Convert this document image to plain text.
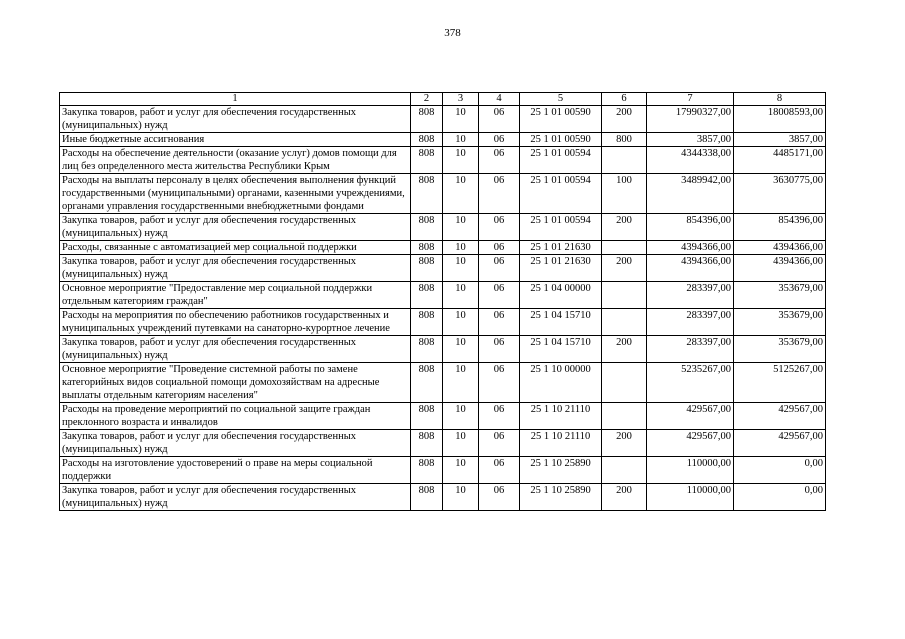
378
1	2	3	4	5	6	7	8
Закупка товаров, работ и услуг для обеспечения государственных (муниципальных) нужд	808	10	06	25 1 01 00590	200	17990327,00	18008593,00
Иные бюджетные ассигнования	808	10	06	25 1 01 00590	800	3857,00	3857,00
Расходы на обеспечение деятельности (оказание услуг) домов помощи для лиц без определенного места жительства Республики Крым	808	10	06	25 1 01 00594		4344338,00	4485171,00
Расходы на выплаты персоналу в целях обеспечения выполнения функций государственными (муниципальными) органами, казенными учреждениями, органами управления государственными внебюджетными фондами	808	10	06	25 1 01 00594	100	3489942,00	3630775,00
Закупка товаров, работ и услуг для обеспечения государственных (муниципальных) нужд	808	10	06	25 1 01 00594	200	854396,00	854396,00
Расходы, связанные с автоматизацией мер социальной поддержки	808	10	06	25 1 01 21630		4394366,00	4394366,00
Закупка товаров, работ и услуг для обеспечения государственных (муниципальных) нужд	808	10	06	25 1 01 21630	200	4394366,00	4394366,00
Основное мероприятие "Предоставление мер социальной поддержки отдельным категориям граждан"	808	10	06	25 1 04 00000		283397,00	353679,00
Расходы на мероприятия по обеспечению работников государственных и муниципальных учреждений путевками на санаторно-курортное лечение	808	10	06	25 1 04 15710		283397,00	353679,00
Закупка товаров, работ и услуг для обеспечения государственных (муниципальных) нужд	808	10	06	25 1 04 15710	200	283397,00	353679,00
Основное мероприятие "Проведение системной работы по замене категорийных видов социальной помощи домохозяйствам на адресные выплаты отдельным категориям населения"	808	10	06	25 1 10 00000		5235267,00	5125267,00
Расходы на проведение мероприятий по социальной защите граждан преклонного возраста и инвалидов	808	10	06	25 1 10 21110		429567,00	429567,00
Закупка товаров, работ и услуг для обеспечения государственных (муниципальных) нужд	808	10	06	25 1 10 21110	200	429567,00	429567,00
Расходы на изготовление удостоверений о праве на меры социальной поддержки	808	10	06	25 1 10 25890		110000,00	0,00
Закупка товаров, работ и услуг для обеспечения государственных (муниципальных) нужд	808	10	06	25 1 10 25890	200	110000,00	0,00
